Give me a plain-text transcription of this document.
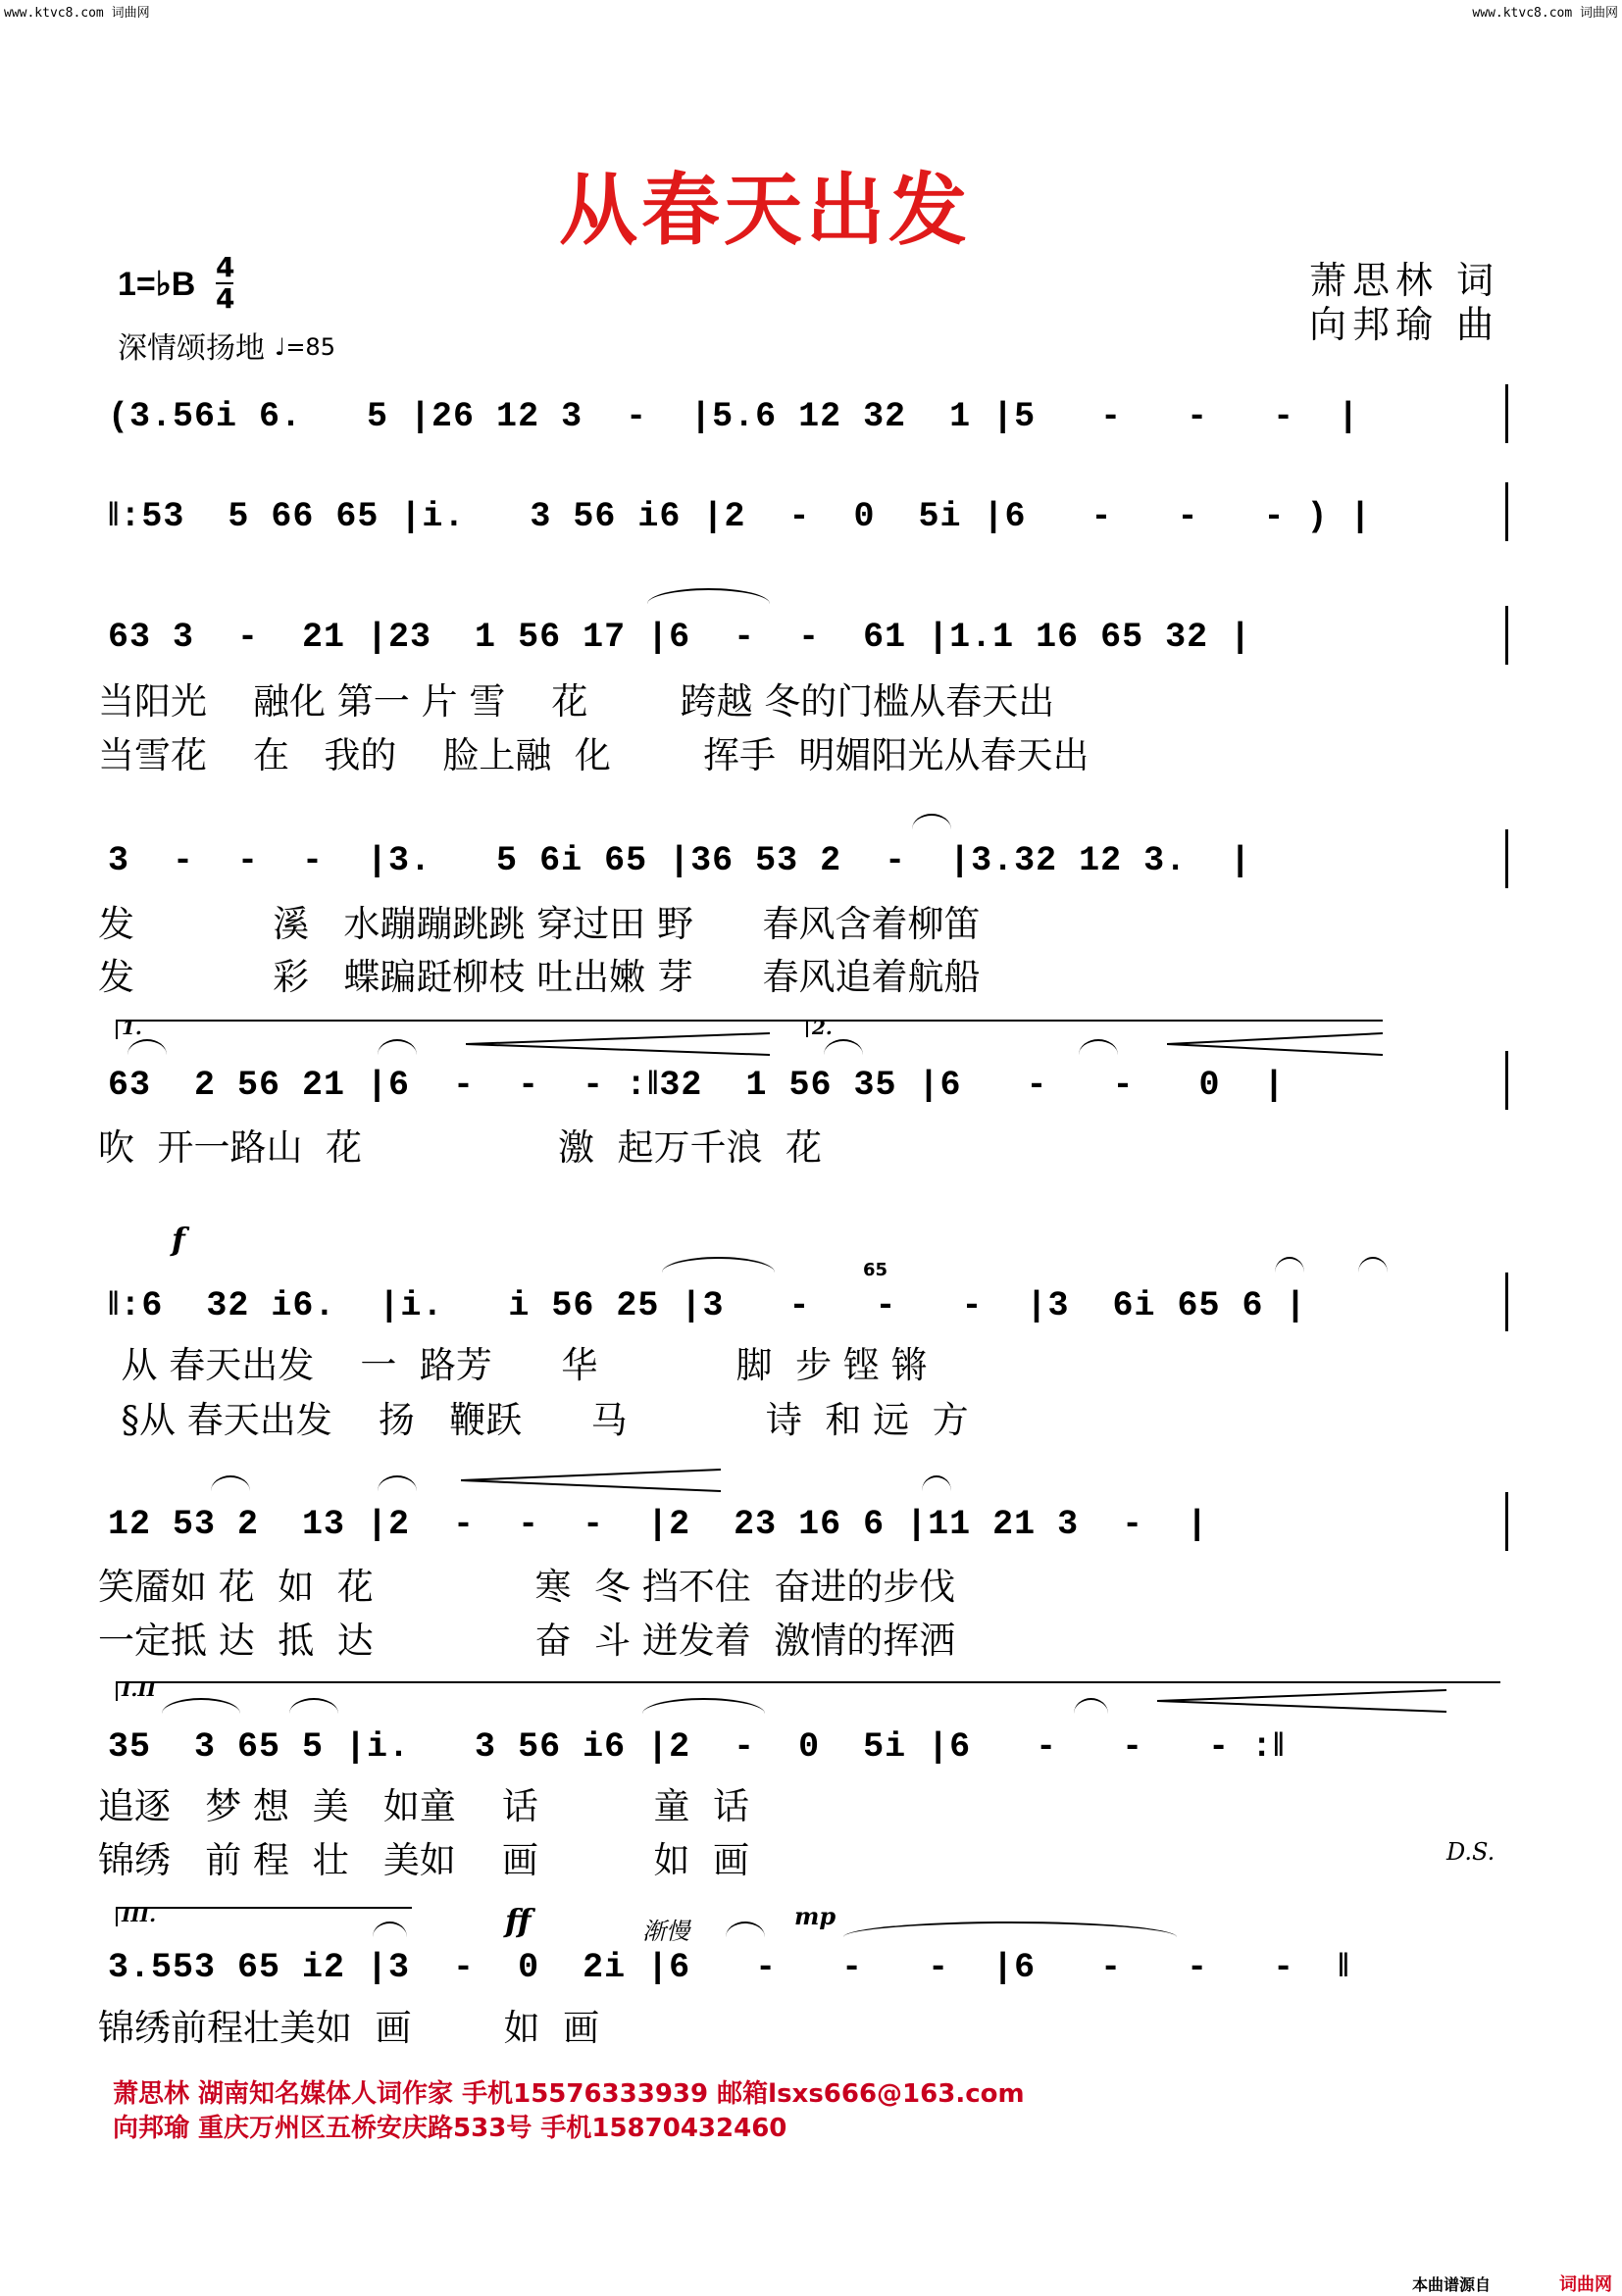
www.ktvc8.com 词曲网	www.ktvc8.com 词曲网
从春天出发
萧思林 词
向邦瑜 曲
1=♭B 4
4
深情颂扬地 ♩=85
(3.56i 6.   5 |26 12 3  -  |5.6 12 32  1 |5   -   -   -  |
‖:53  5 66 65 |i.   3 56 i6 |2  -  0  5i |6   -   -   - ) |
63 3  -  21 |23  1 56 17 |6  -  -  61 |1.1 16 65 32 |
当阳光    融化 第一 片 雪    花        跨越 冬的门槛从春天出
当雪花    在   我的    脸上融  化        挥手  明媚阳光从春天出
3  -  -  -  |3.   5 6i 65 |36 53 2  -  |3.32 12 3.  |
发            溪   水蹦蹦跳跳 穿过田 野      春风含着柳笛
发            彩   蝶蹁跹柳枝 吐出嫩 芽      春风追着航船
1.	2.
63  2 56 21 |6  -  -  - :‖32  1 56 35 |6   -   -   0  |
吹  开一路山  花                 激  起万千浪  花
f
65
‖:6  32 i6.  |i.   i 56 25 |3   -   -   -  |3  6i 65 6 |
从 春天出发    一  路芳      华            脚  步 铿 锵
§从 春天出发    扬   鞭跃      马            诗  和 远  方
12 53 2  13 |2  -  -  -  |2  23 16 6 |11 21 3  -  |
笑靥如 花  如  花              寒  冬 挡不住  奋进的步伐
一定抵 达  抵  达              奋  斗 迸发着  激情的挥洒
I.II
35  3 65 5 |i.   3 56 i6 |2  -  0  5i |6   -   -   - :‖
追逐   梦 想  美   如童    话          童  话
锦绣   前 程  壮   美如    画          如  画	D.S.
III.	ff	渐慢
mp
3.553 65 i2 |3  -  0  2i |6   -   -   -  |6   -   -   -  ‖
锦绣前程壮美如  画        如  画
萧思林 湖南知名媒体人词作家 手机15576333939 邮箱lsxs666@163.com
向邦瑜 重庆万州区五桥安庆路533号 手机15870432460
本曲谱源自	词曲网
